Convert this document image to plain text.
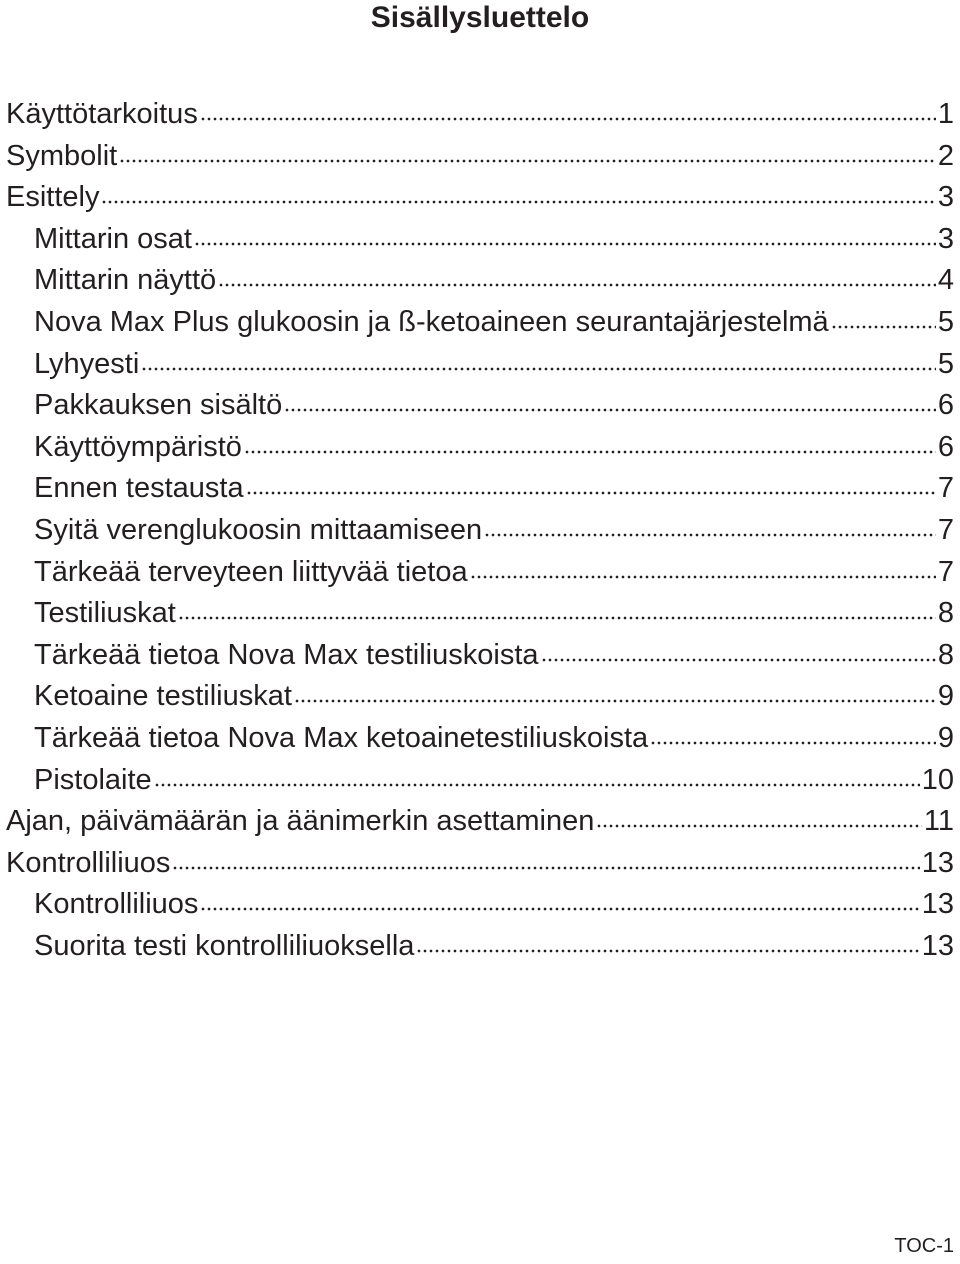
Sisällysluettelo
Käyttötarkoitus	1
Symbolit	2
Esittely	3
Mittarin osat	3
Mittarin näyttö	4
Nova Max Plus glukoosin ja ß-ketoaineen seurantajärjestelmä	5
Lyhyesti	5
Pakkauksen sisältö	6
Käyttöympäristö	6
Ennen testausta	7
Syitä verenglukoosin mittaamiseen	7
Tärkeää terveyteen liittyvää tietoa	7
Testiliuskat	8
Tärkeää tietoa Nova Max testiliuskoista	8
Ketoaine testiliuskat	9
Tärkeää tietoa Nova Max ketoainetestiliuskoista	9
Pistolaite	10
Ajan, päivämäärän ja äänimerkin asettaminen	11
Kontrolliliuos	13
Kontrolliliuos	13
Suorita testi kontrolliliuoksella	13
TOC-1
